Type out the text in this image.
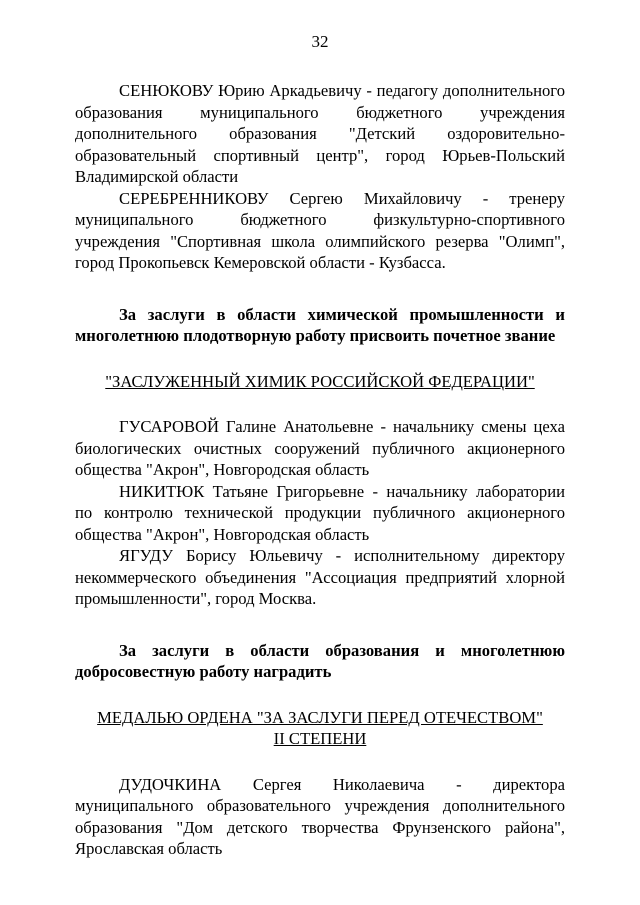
32

СЕНЮКОВУ Юрию Аркадьевичу - педагогу дополнительного образования муниципального бюджетного учреждения дополнительного образования "Детский оздоровительно-образовательный спортивный центр", город Юрьев-Польский Владимирской области

СЕРЕБРЕННИКОВУ Сергею Михайловичу - тренеру муниципального бюджетного физкультурно-спортивного учреждения "Спортивная школа олимпийского резерва "Олимп", город Прокопьевск Кемеровской области - Кузбасса.

За заслуги в области химической промышленности и многолетнюю плодотворную работу присвоить почетное звание

"ЗАСЛУЖЕННЫЙ ХИМИК РОССИЙСКОЙ ФЕДЕРАЦИИ"

ГУСАРОВОЙ Галине Анатольевне - начальнику смены цеха биологических очистных сооружений публичного акционерного общества "Акрон", Новгородская область

НИКИТЮК Татьяне Григорьевне - начальнику лаборатории по контролю технической продукции публичного акционерного общества "Акрон", Новгородская область

ЯГУДУ Борису Юльевичу - исполнительному директору некоммерческого объединения "Ассоциация предприятий хлорной промышленности", город Москва.

За заслуги в области образования и многолетнюю добросовестную работу наградить

МЕДАЛЬЮ ОРДЕНА "ЗА ЗАСЛУГИ ПЕРЕД ОТЕЧЕСТВОМ"
II СТЕПЕНИ

ДУДОЧКИНА Сергея Николаевича - директора муниципального образовательного учреждения дополнительного образования "Дом детского творчества Фрунзенского района", Ярославская область
